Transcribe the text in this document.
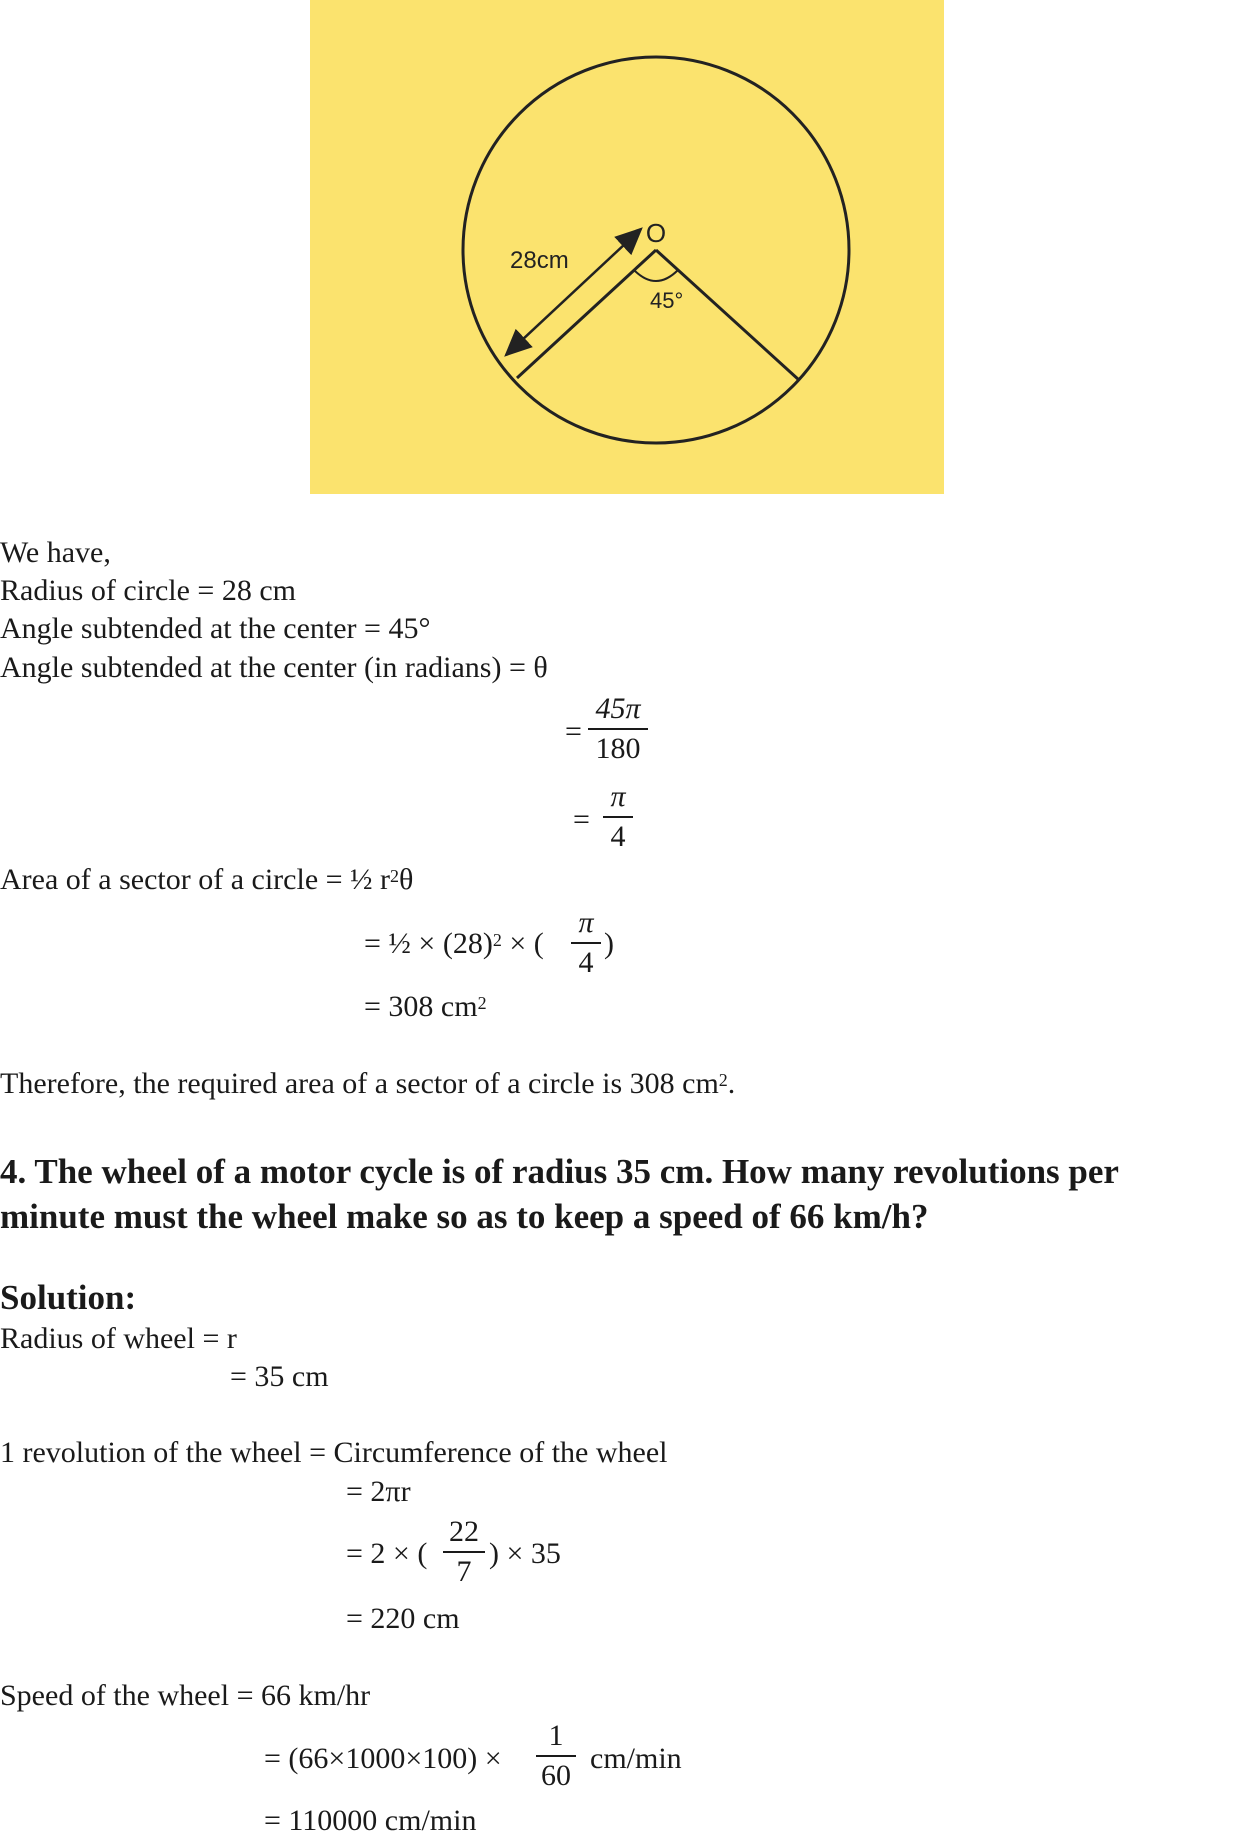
O
28cm
45°
We have,
Radius of circle = 28 cm
Angle subtended at the center = 45°
Angle subtended at the center (in radians) = θ
=
45π
180
=
π
4
Area of a sector of a circle = ½ $r^2\theta$
= ½ × $(28)^2$ × (
π
4
)
= 308 $cm^2$
Therefore, the required area of a sector of a circle is 308 $cm^2$.
4. The wheel of a motor cycle is of radius 35 cm. How many revolutions per
minute must the wheel make so as to keep a speed of 66 km/h?
Solution:
Radius of wheel = r
= 35 cm
1 revolution of the wheel = Circumference of the wheel
= 2πr
= 2 × (
22
7
) × 35
= 220 cm
Speed of the wheel = 66 km/hr
= (66×1000×100) ×
1
60
cm/min
= 110000 cm/min
